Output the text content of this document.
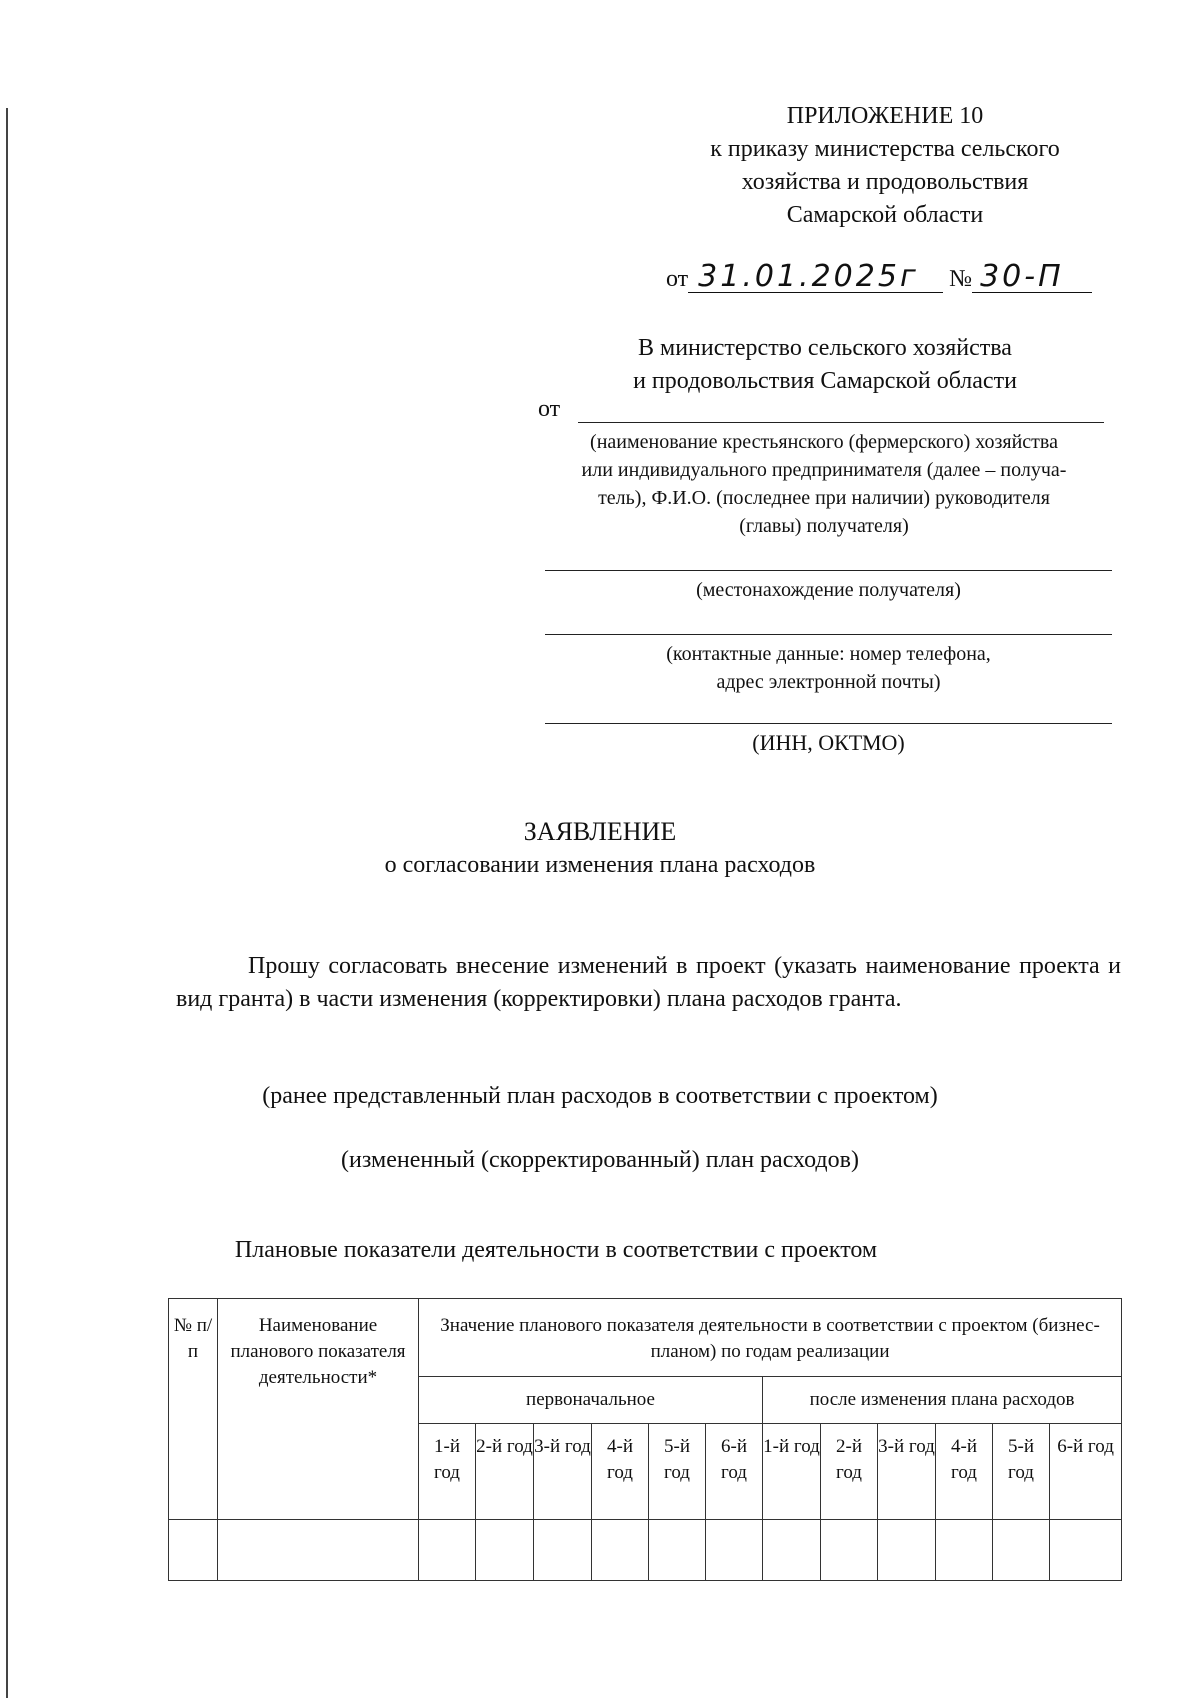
ПРИЛОЖЕНИЕ 10
к приказу министерства сельского
хозяйства и продовольствия
Самарской области
от 31.01.2025г № 30-П
В министерство сельского хозяйства
и продовольствия Самарской области
от
(наименование крестьянского (фермерского) хозяйства
или индивидуального предпринимателя (далее – получа-
тель), Ф.И.О. (последнее при наличии) руководителя
(главы) получателя)
(местонахождение получателя)
(контактные данные: номер телефона,
адрес электронной почты)
(ИНН, ОКТМО)
ЗАЯВЛЕНИЕ
о согласовании изменения плана расходов
Прошу согласовать внесение изменений в проект (указать наименование проекта и вид гранта) в части изменения (корректировки) плана расходов гранта.
(ранее представленный план расходов в соответствии с проектом)
(измененный (скорректированный) план расходов)
Плановые показатели деятельности в соответствии с проектом
№ п/п	Наименование планового показателя деятельности*	Значение планового показателя деятельности в соответствии с проектом (бизнес-планом) по годам реализации											
		первоначальное						после изменения плана расходов					
		1-й год	2-й год	3-й год	4-й год	5-й год	6-й год	1-й год	2-й год	3-й год	4-й год	5-й год	6-й год
